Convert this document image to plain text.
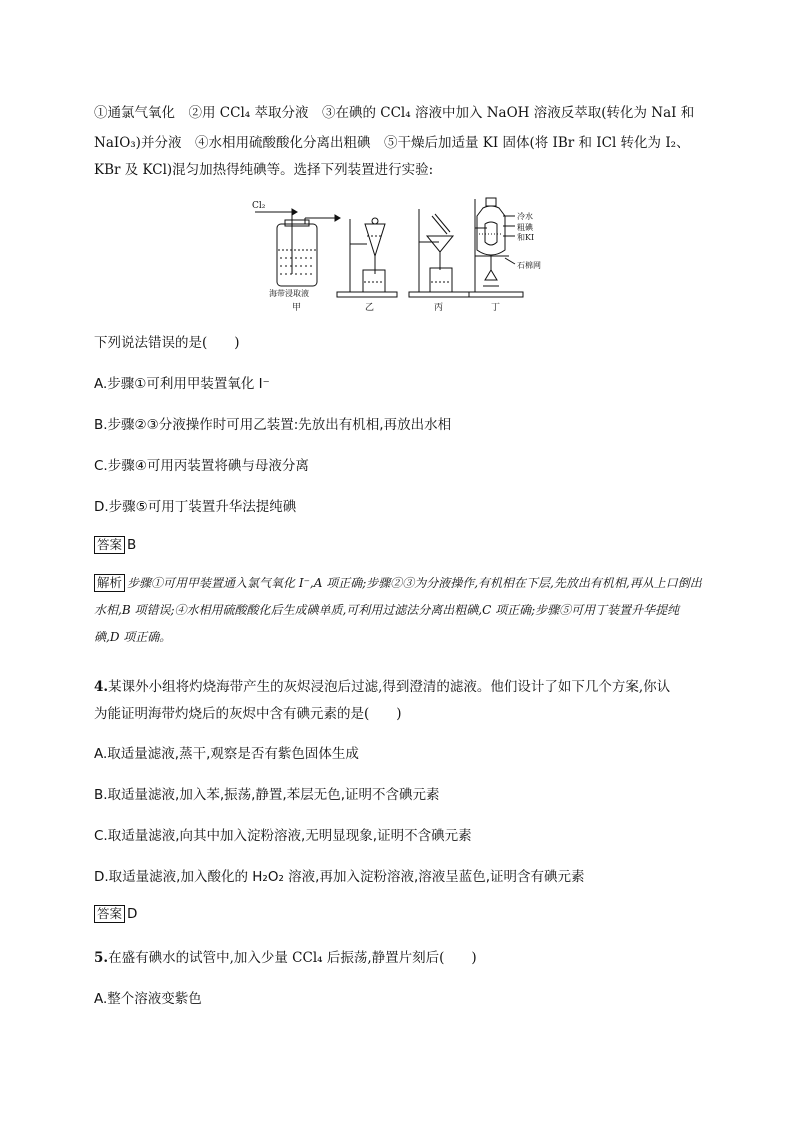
①通氯气氧化　②用 CCl₄ 萃取分液　③在碘的 CCl₄ 溶液中加入 NaOH 溶液反萃取(转化为 NaI 和
NaIO₃)并分液　④水相用硫酸酸化分离出粗碘　⑤干燥后加适量 KI 固体(将 IBr 和 ICl 转化为 I₂、
KBr 及 KCl)混匀加热得纯碘等。选择下列装置进行实验:
Cl₂
海带浸取液
冷水
粗碘
和KI
石棉网
甲	乙	丙	丁
下列说法错误的是(　　)
A.步骤①可利用甲装置氧化 I⁻
B.步骤②③分液操作时可用乙装置:先放出有机相,再放出水相
C.步骤④可用丙装置将碘与母液分离
D.步骤⑤可用丁装置升华法提纯碘
答案 B
解析 步骤①可用甲装置通入氯气氧化 I⁻,A 项正确;步骤②③为分液操作,有机相在下层,先放出有机相,再从上口倒出水相,B 项错误;④水相用硫酸酸化后生成碘单质,可利用过滤法分离出粗碘,C 项正确;步骤⑤可用丁装置升华提纯碘,D 项正确。
4.某课外小组将灼烧海带产生的灰烬浸泡后过滤,得到澄清的滤液。他们设计了如下几个方案,你认
为能证明海带灼烧后的灰烬中含有碘元素的是(　　)
A.取适量滤液,蒸干,观察是否有紫色固体生成
B.取适量滤液,加入苯,振荡,静置,苯层无色,证明不含碘元素
C.取适量滤液,向其中加入淀粉溶液,无明显现象,证明不含碘元素
D.取适量滤液,加入酸化的 H₂O₂ 溶液,再加入淀粉溶液,溶液呈蓝色,证明含有碘元素
答案 D
5.在盛有碘水的试管中,加入少量 CCl₄ 后振荡,静置片刻后(　　)
A.整个溶液变紫色
